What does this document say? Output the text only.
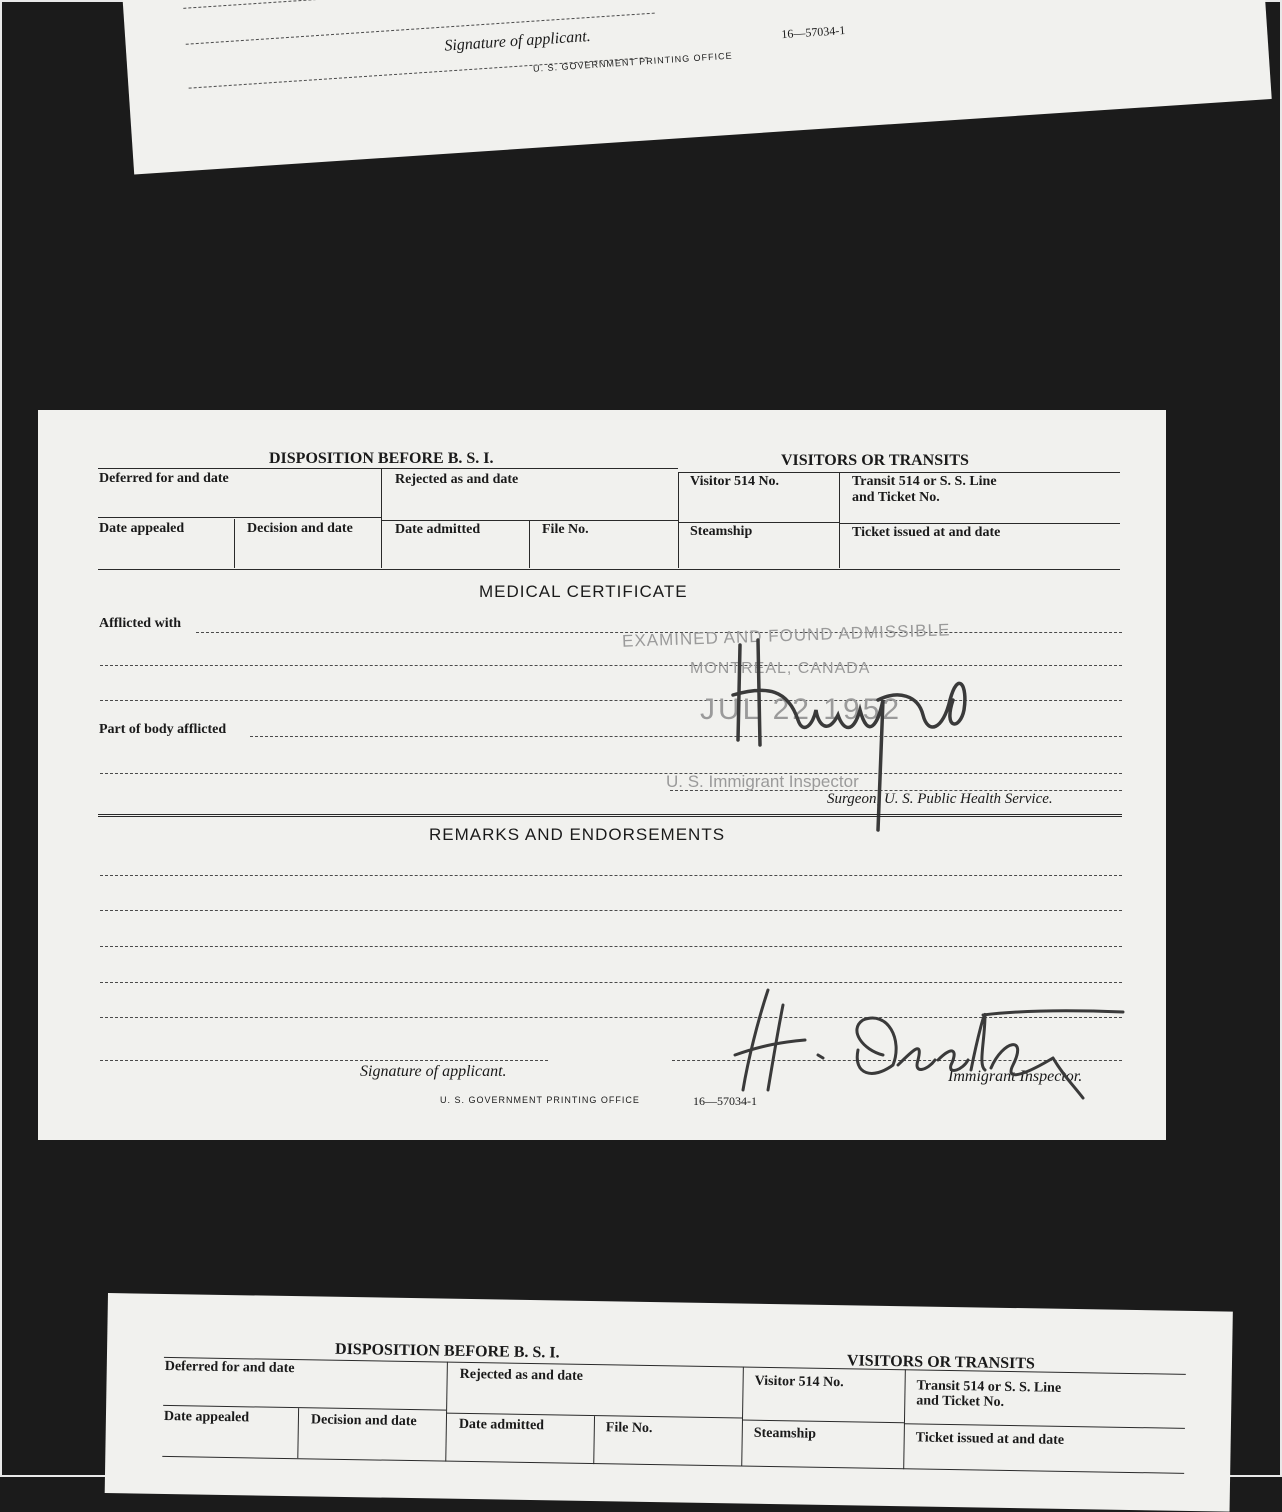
Signature of applicant.
U. S. GOVERNMENT PRINTING OFFICE
16—57034-1
DISPOSITION BEFORE B. S. I.	VISITORS OR TRANSITS
Deferred for and date	Rejected as and date	Visitor 514 No.	Transit 514 or S. S. Line
and Ticket No.
Date appealed	Decision and date	Date admitted	File No.	Steamship	Ticket issued at and date
MEDICAL CERTIFICATE
Afflicted with
Part of body afflicted
Surgeon, U. S. Public Health Service.
EXAMINED AND FOUND ADMISSIBLE
MONTREAL, CANADA
JUL 22 1952
U. S. Immigrant Inspector
REMARKS AND ENDORSEMENTS
Signature of applicant.	Immigrant Inspector.
U. S. GOVERNMENT PRINTING OFFICE	16—57034-1
DISPOSITION BEFORE B. S. I.
VISITORS OR TRANSITS
Deferred for and date	Rejected as and date	Visitor 514 No.	Transit 514 or S. S. Line
and Ticket No.
Date appealed	Decision and date	Date admitted	File No.	Steamship	Ticket issued at and date
